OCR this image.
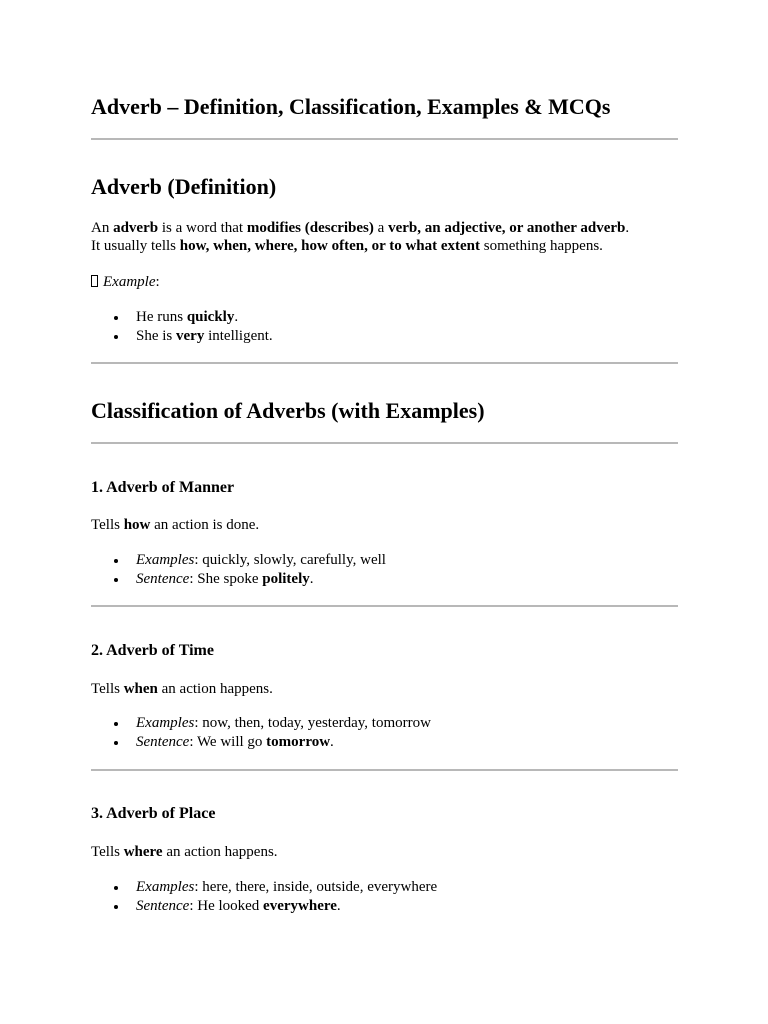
Adverb – Definition, Classification, Examples & MCQs
Adverb (Definition)

An adverb is a word that modifies (describes) a verb, an adjective, or another adverb.

It usually tells how, when, where, how often, or to what extent something happens.

Example:

He runs quickly.
She is very intelligent.
Classification of Adverbs (with Examples)
1. Adverb of Manner

Tells how an action is done.

Examples: quickly, slowly, carefully, well
Sentence: She spoke politely.
2. Adverb of Time

Tells when an action happens.

Examples: now, then, today, yesterday, tomorrow
Sentence: We will go tomorrow.
3. Adverb of Place

Tells where an action happens.

Examples: here, there, inside, outside, everywhere
Sentence: He looked everywhere.
